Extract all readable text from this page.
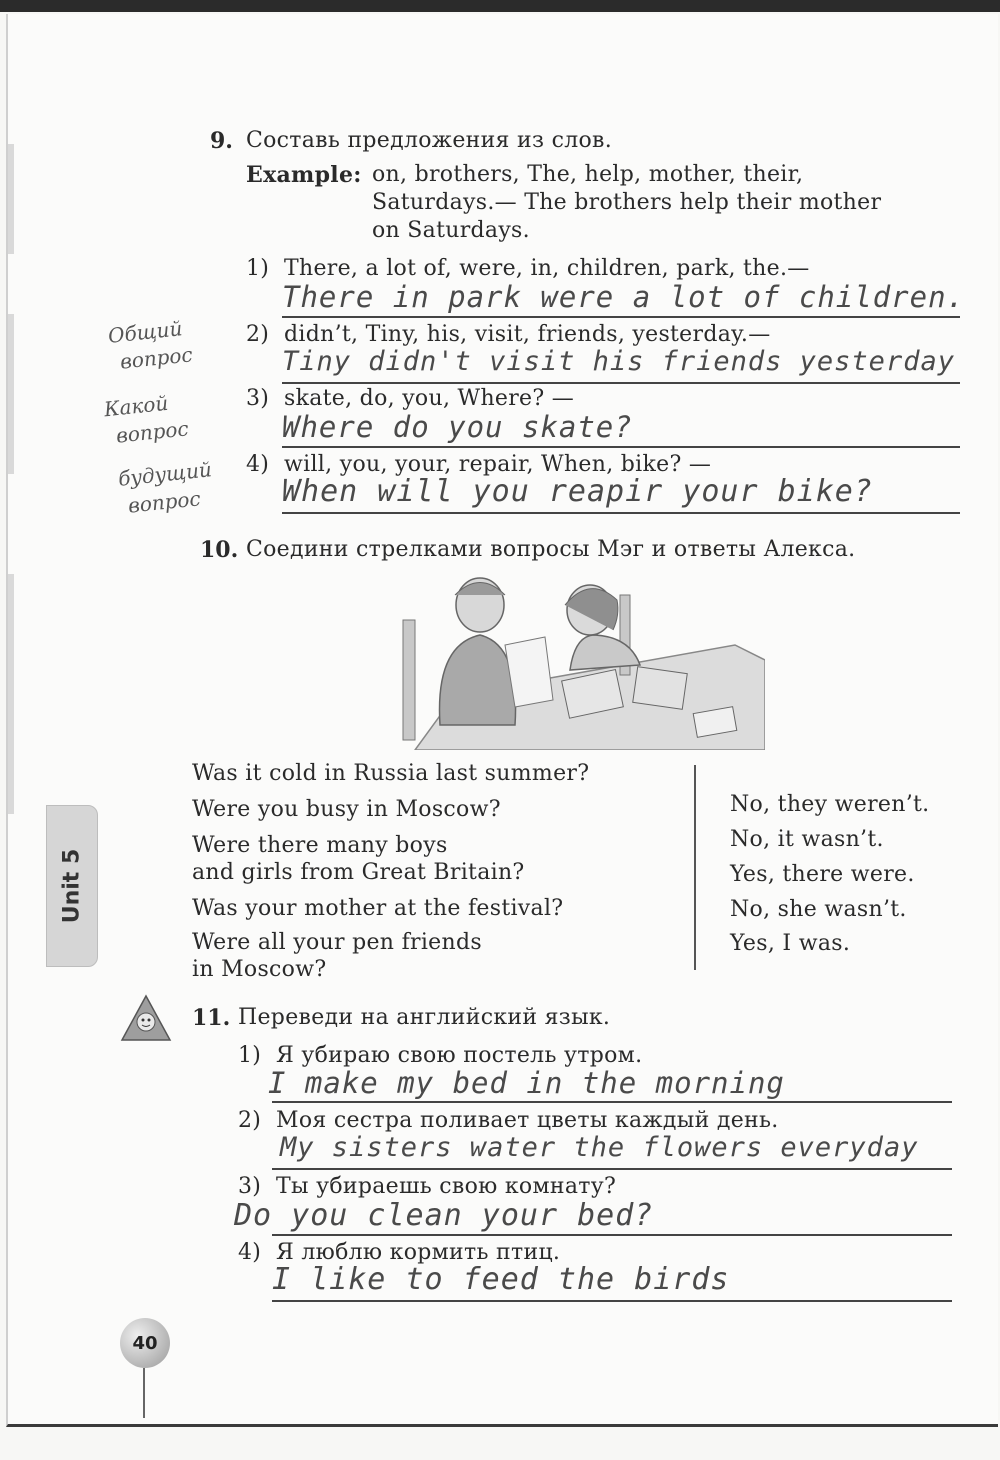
9. Составь предложения из слов.
Example: on, brothers, The, help, mother, their,
Saturdays.— The brothers help their mother
on Saturdays.
1) There, a lot of, were, in, children, park, the.—
There in park were a lot of children.
2) didn’t, Tiny, his, visit, friends, yesterday.—
Tiny didn't visit his friends yesterday
3) skate, do, you, Where? —
Where do you skate?
4) will, you, your, repair, When, bike? —
When will you reapir your bike?
Общий
вопрос
Какой
вопрос
будущий
вопрос
10. Соедини стрелками вопросы Мэг и ответы Алекса.
Was it cold in Russia last summer?
Were you busy in Moscow?
Were there many boys
and girls from Great Britain?
Was your mother at the festival?
Were all your pen friends
in Moscow?
No, they weren’t.
No, it wasn’t.
Yes, there were.
No, she wasn’t.
Yes, I was.
Unit 5
11. Переведи на английский язык.
1) Я убираю свою постель утром.
I make my bed in the morning
2) Моя сестра поливает цветы каждый день.
My sisters water the flowers everyday
3) Ты убираешь свою комнату?
Do you clean your bed?
4) Я люблю кормить птиц.
I like to feed the birds
40
